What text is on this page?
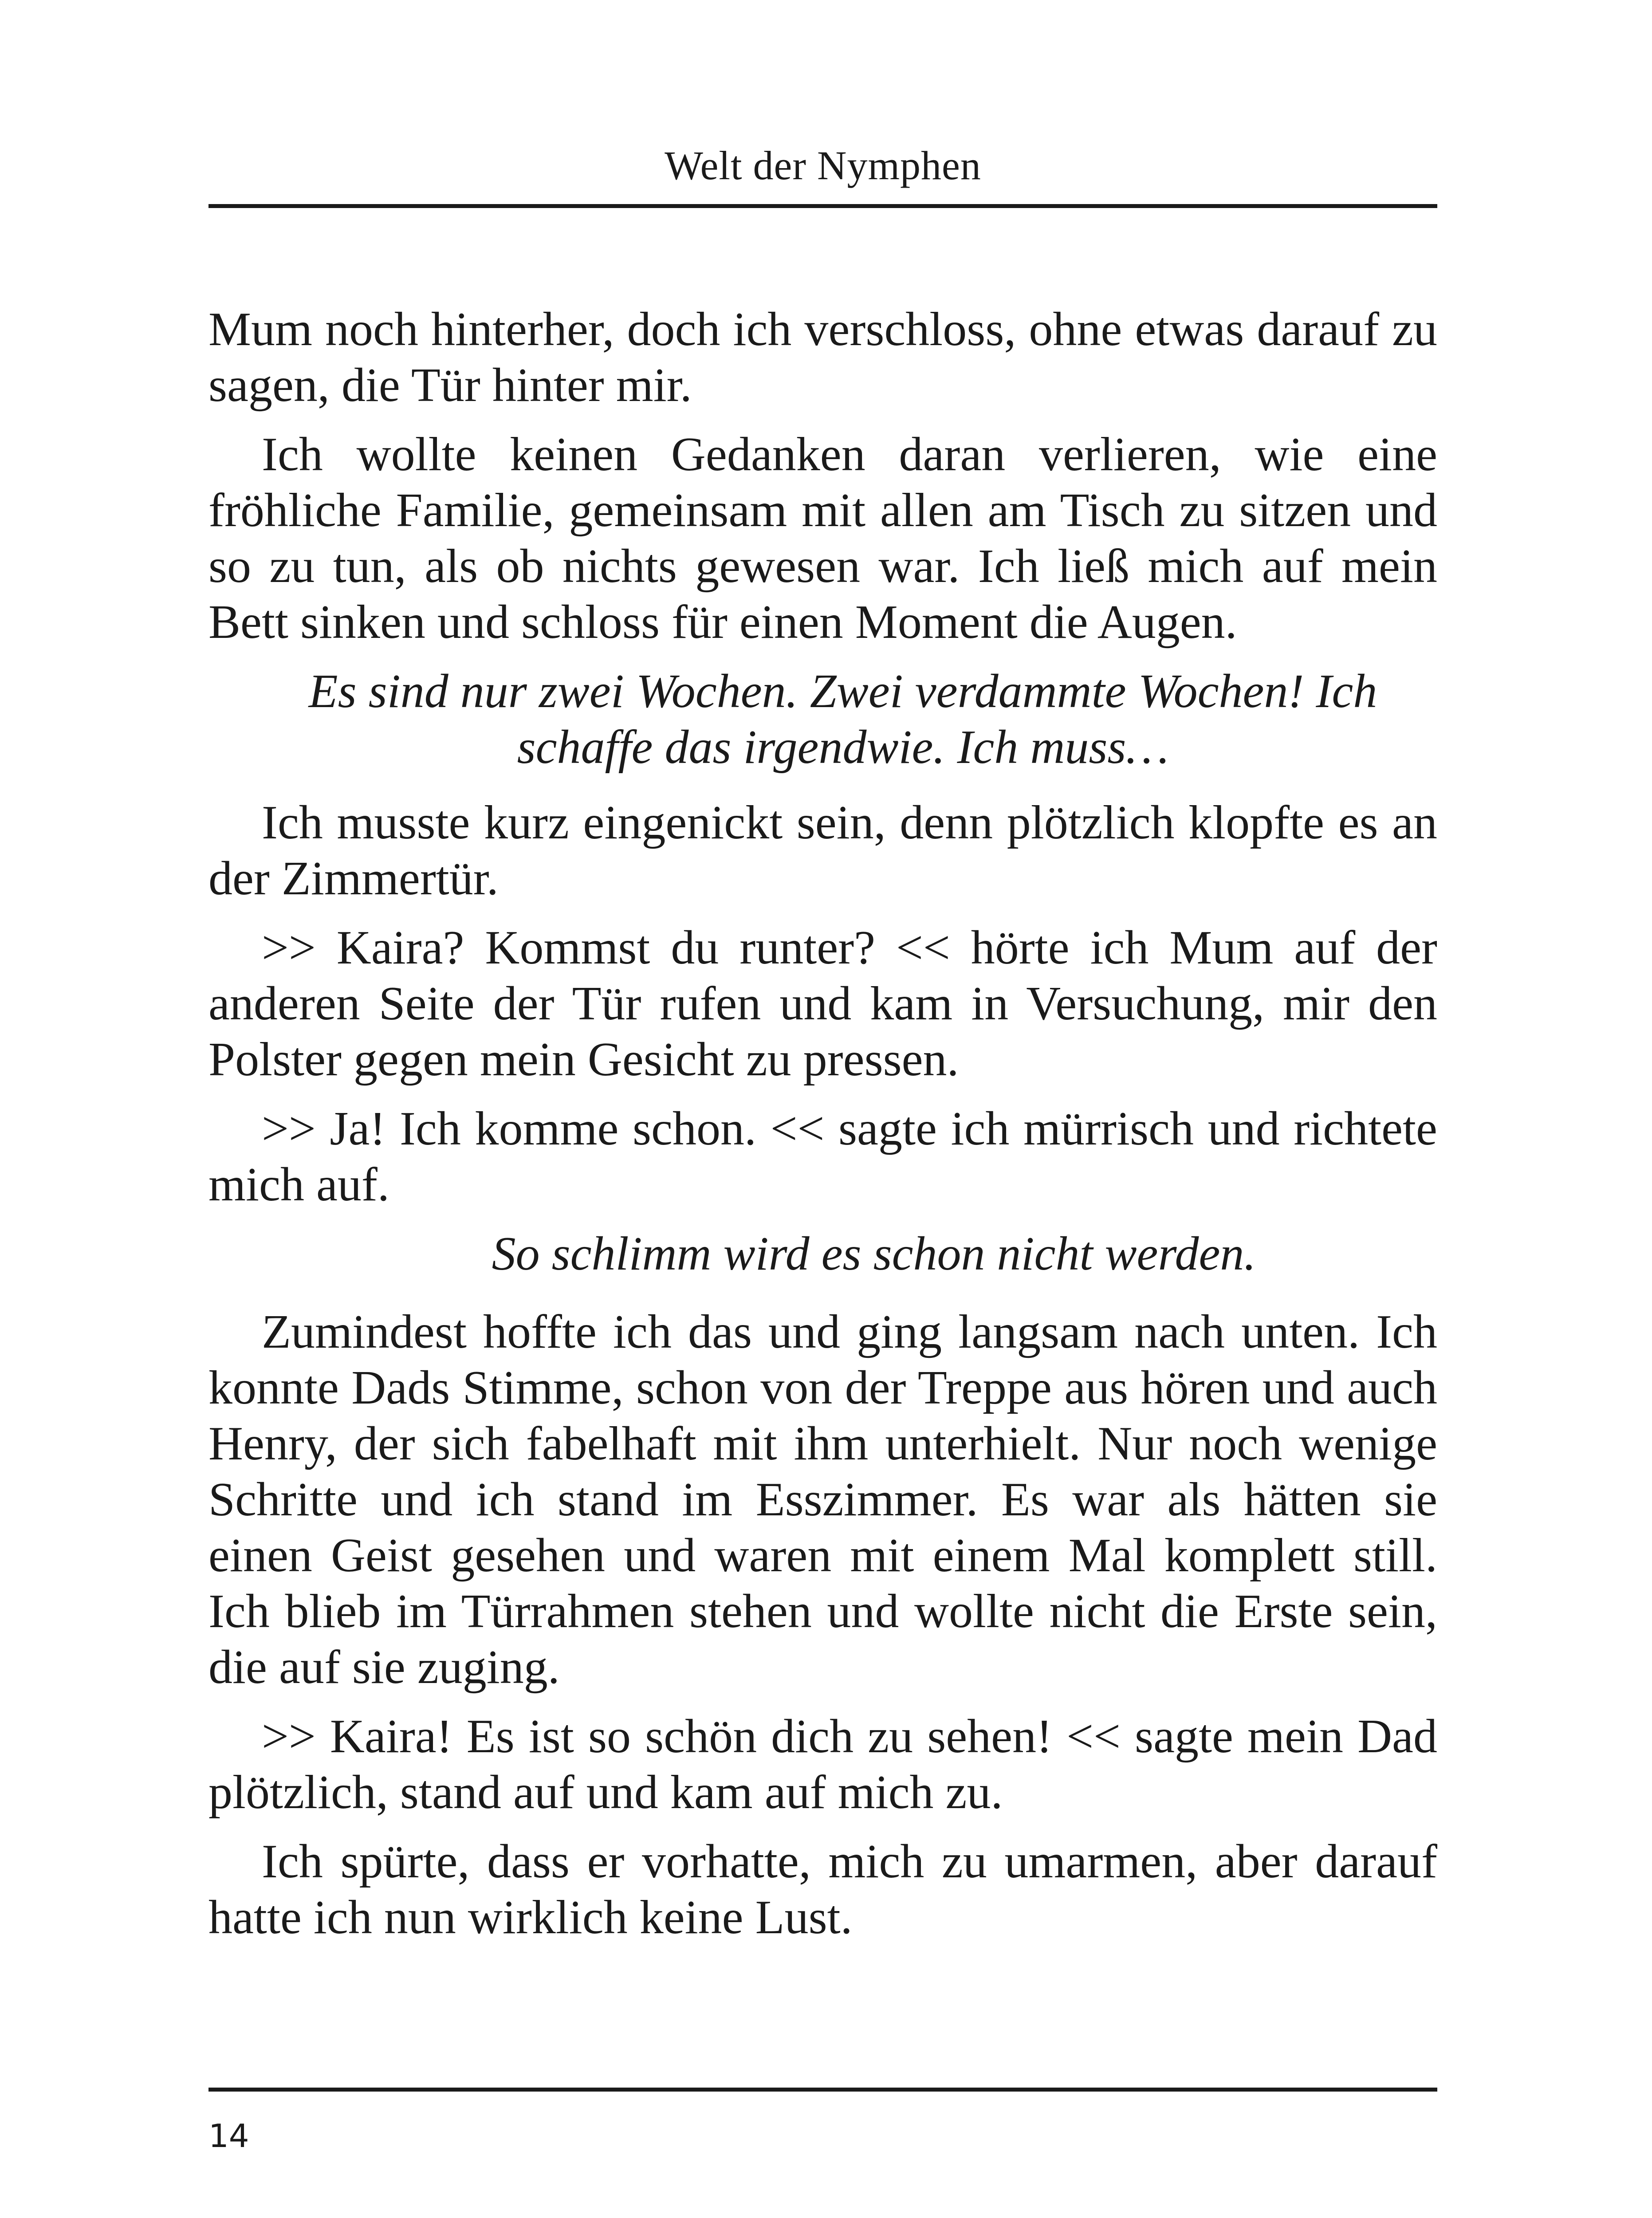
Welt der Nymphen

Mum noch hinterher, doch ich verschloss, ohne etwas darauf zu sagen, die Tür hinter mir.

Ich wollte keinen Gedanken daran verlieren, wie eine fröhliche Familie, gemeinsam mit allen am Tisch zu sitzen und so zu tun, als ob nichts gewesen war. Ich ließ mich auf mein Bett sinken und schloss für einen Moment die Augen.

Es sind nur zwei Wochen. Zwei verdammte Wochen! Ich schaffe das irgendwie. Ich muss…

Ich musste kurz eingenickt sein, denn plötzlich klopfte es an der Zimmertür.

>> Kaira? Kommst du runter? << hörte ich Mum auf der anderen Seite der Tür rufen und kam in Versuchung, mir den Polster gegen mein Gesicht zu pressen.

>> Ja! Ich komme schon. << sagte ich mürrisch und richtete mich auf.

So schlimm wird es schon nicht werden.

Zumindest hoffte ich das und ging langsam nach unten. Ich konnte Dads Stimme, schon von der Treppe aus hören und auch Henry, der sich fabelhaft mit ihm unterhielt. Nur noch wenige Schritte und ich stand im Esszimmer. Es war als hätten sie einen Geist gesehen und waren mit einem Mal komplett still. Ich blieb im Türrahmen stehen und wollte nicht die Erste sein, die auf sie zuging.

>> Kaira! Es ist so schön dich zu sehen! << sagte mein Dad plötzlich, stand auf und kam auf mich zu.

Ich spürte, dass er vorhatte, mich zu umarmen, aber darauf hatte ich nun wirklich keine Lust.

14
